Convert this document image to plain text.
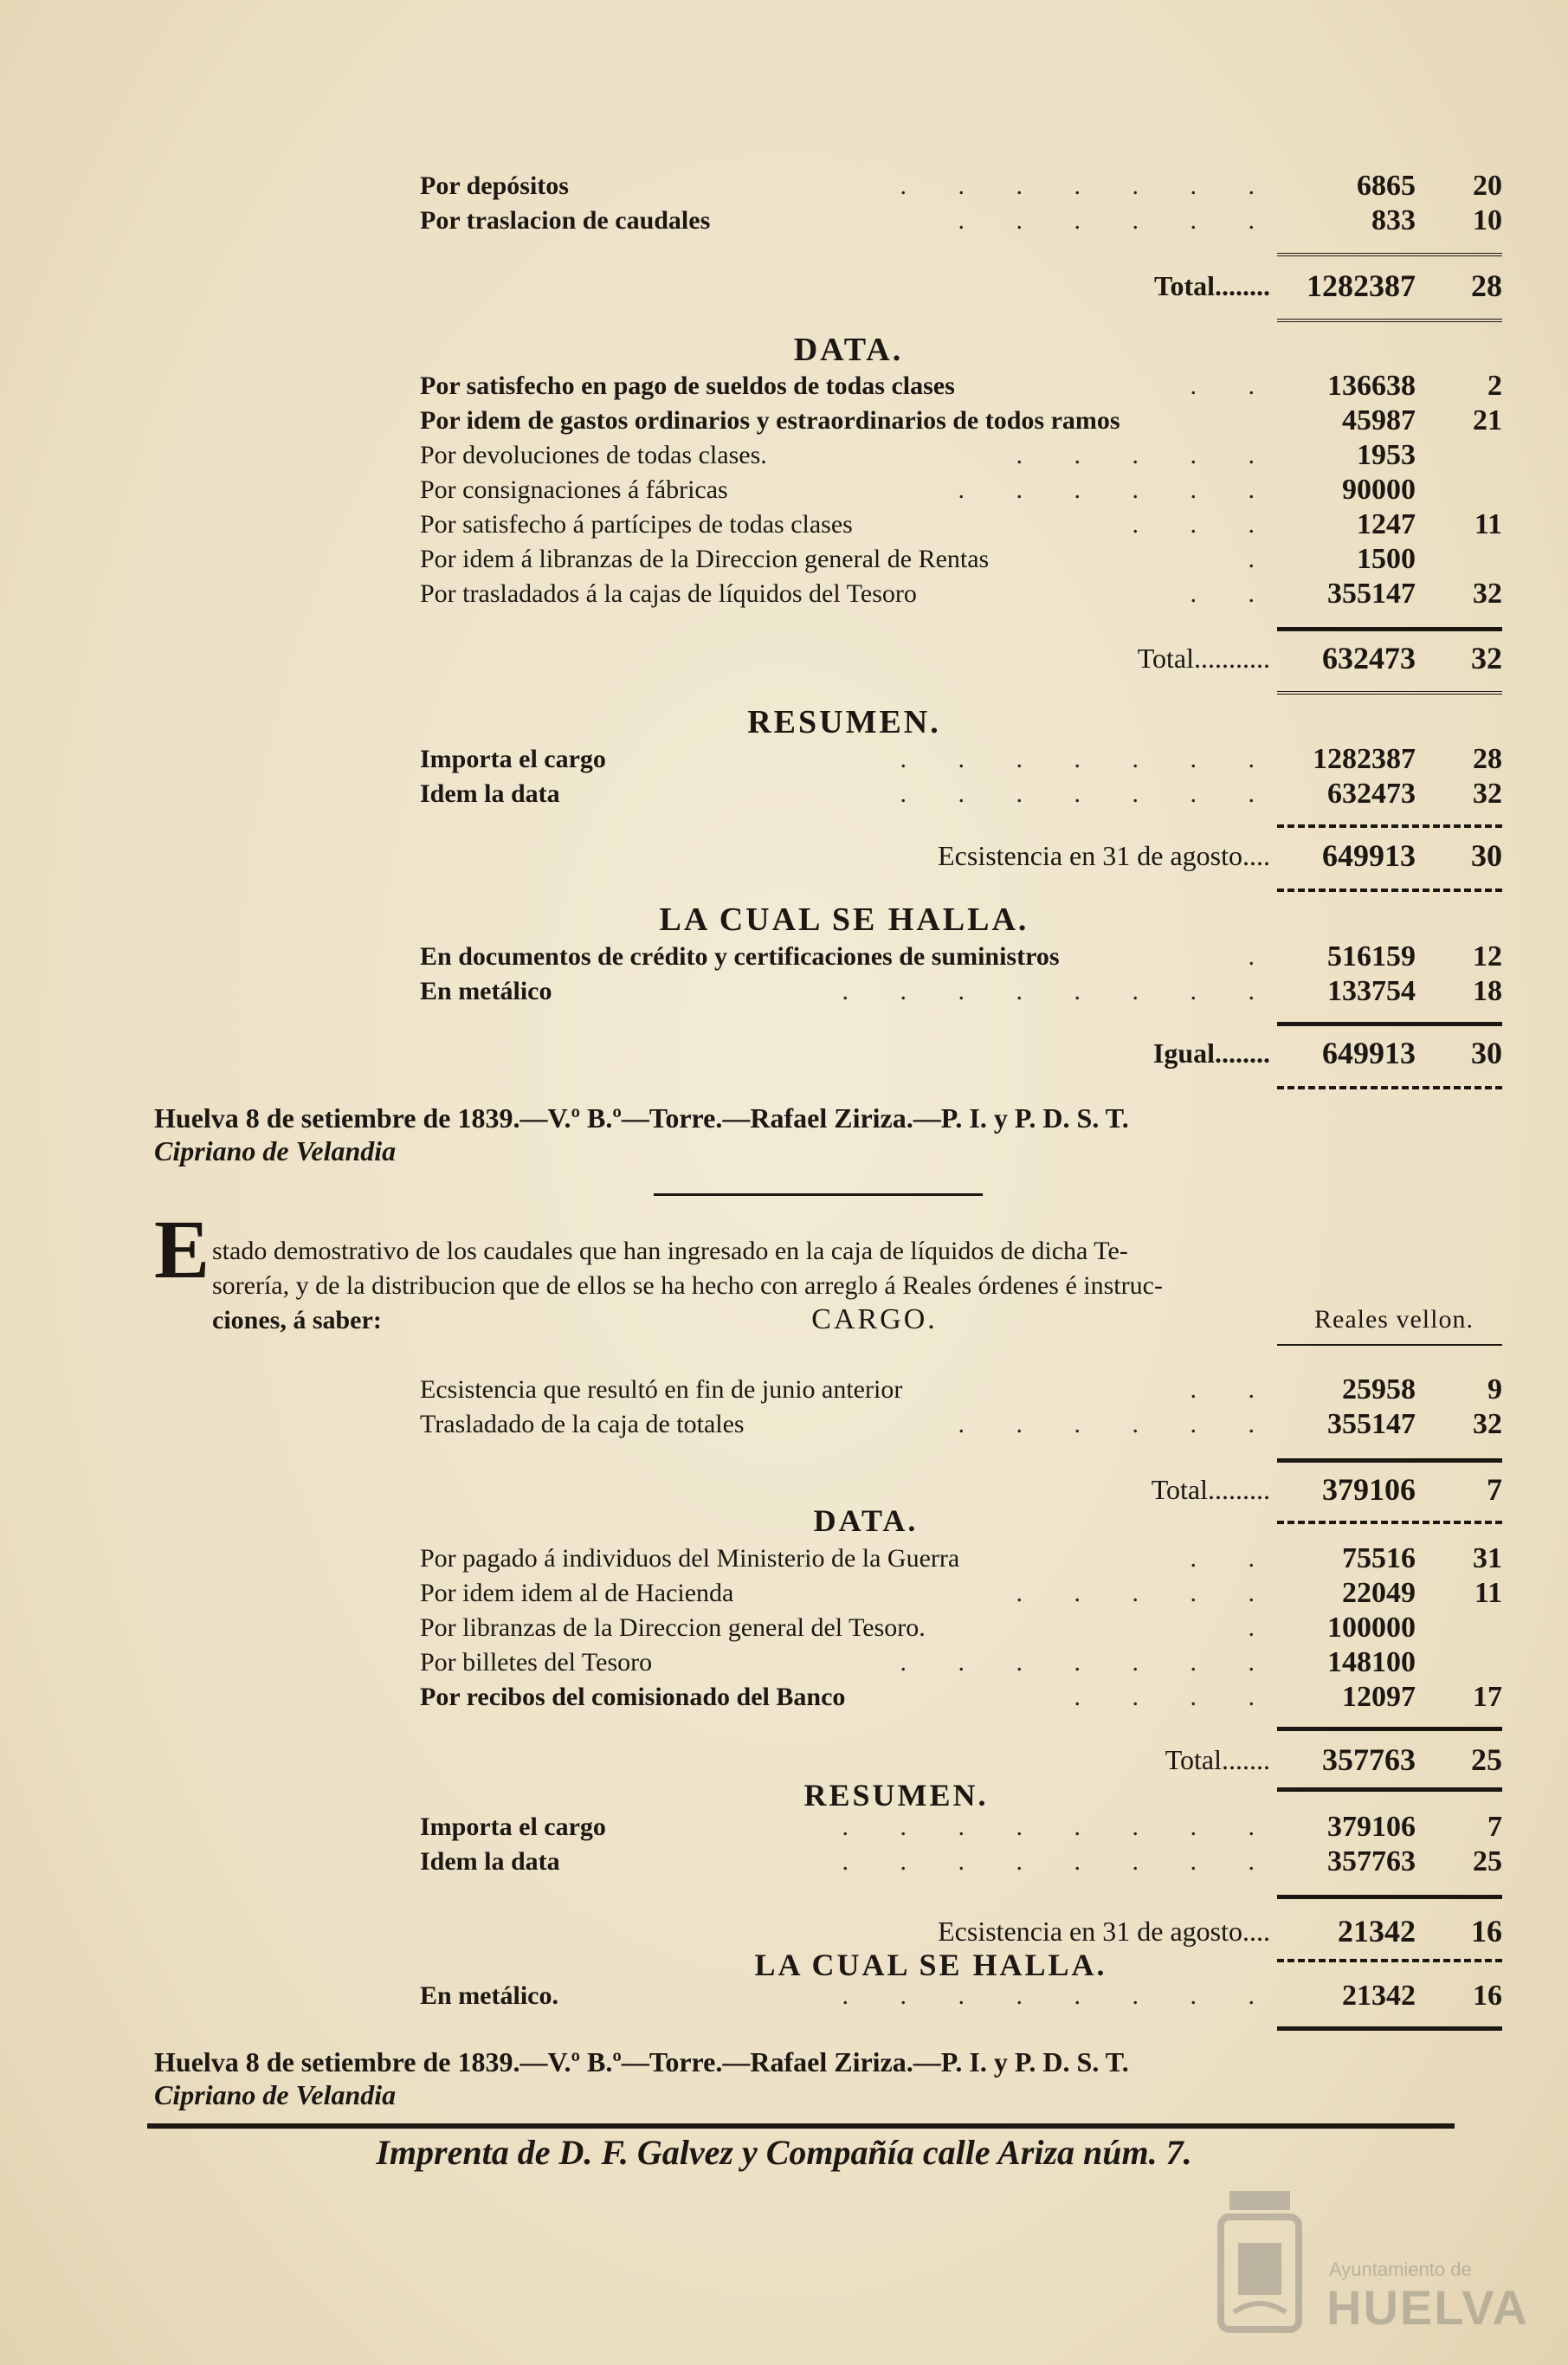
Por depósitos	. . . . . . .	6865	20
Por traslacion de caudales	. . . . . .	833	10
Total........ 1282387	28
DATA.
Por satisfecho en pago de sueldos de todas clases	. . 136638	2
Por idem de gastos ordinarios y estraordinarios de todos ramos	45987	21
Por devoluciones de todas clases.	. . . . .	1953
Por consignaciones á fábricas	. . . . . . 90000
Por satisfecho á partícipes de todas clases	. . .	1247	11
Por idem á libranzas de la Direccion general de Rentas	.	1500
Por trasladados á la cajas de líquidos del Tesoro	. . 355147	32
Total........... 632473	32
RESUMEN.
Importa el cargo	. . . . . . . 1282387	28
Idem la data	. . . . . . . 632473	32
Ecsistencia en 31 de agosto.... 649913	30
LA CUAL SE HALLA.
En documentos de crédito y certificaciones de suministros	. 516159	12
En metálico	. . . . . . . . 133754	18
Igual........ 649913	30
Huelva 8 de setiembre de 1839.—V.º B.º—Torre.—Rafael Ziriza.—P. I. y P. D. S. T.
Cipriano de Velandia
E stado demostrativo de los caudales que han ingresado en la caja de líquidos de dicha Te-
sorería, y de la distribucion que de ellos se ha hecho con arreglo á Reales órdenes é instruc-
ciones, á saber:	CARGO.	Reales vellon.
Ecsistencia que resultó en fin de junio anterior	. . 25958	9
Trasladado de la caja de totales	. . . . . . 355147	32
Total......... 379106	7
DATA.
Por pagado á individuos del Ministerio de la Guerra	. . 75516	31
Por idem idem al de Hacienda	. . . . . 22049	11
Por libranzas de la Direccion general del Tesoro.	. 100000
Por billetes del Tesoro	. . . . . . . 148100
Por recibos del comisionado del Banco	. . . . 12097	17
Total....... 357763	25
RESUMEN.
Importa el cargo	. . . . . . . . 379106	7
Idem la data	. . . . . . . . 357763	25
Ecsistencia en 31 de agosto.... 21342	16
LA CUAL SE HALLA.
En metálico.	. . . . . . . . 21342	16
Huelva 8 de setiembre de 1839.—V.º B.º—Torre.—Rafael Ziriza.—P. I. y P. D. S. T.
Cipriano de Velandia
Imprenta de D. F. Galvez y Compañía calle Ariza núm. 7.
Ayuntamiento de
HUELVA
